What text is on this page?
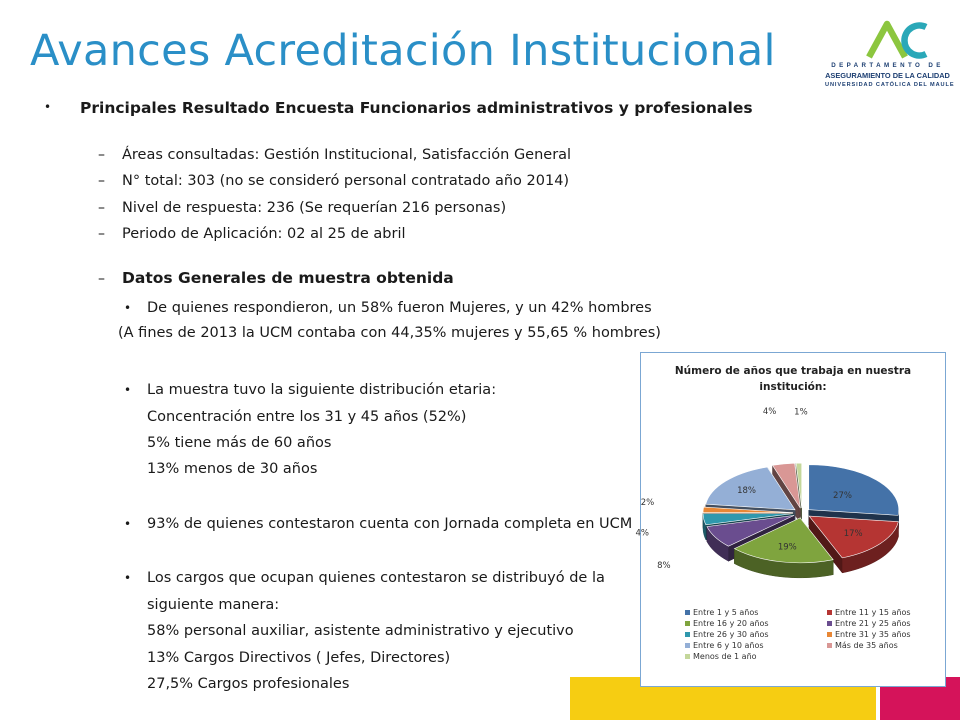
Avances Acreditación Institucional	DEPARTAMENTO DE
ASEGURAMIENTO DE LA CALIDAD
UNIVERSIDAD CATÓLICA DEL MAULE
• Principales Resultado Encuesta Funcionarios administrativos y profesionales
– Áreas consultadas: Gestión Institucional, Satisfacción General
– N° total: 303 (no se consideró personal contratado año 2014)
– Nivel de respuesta: 236 (Se requerían 216 personas)
– Periodo de Aplicación: 02 al 25 de abril
– Datos Generales de muestra obtenida
• De quienes respondieron, un 58% fueron Mujeres, y un 42% hombres
(A fines de 2013 la UCM contaba con 44,35% mujeres y 55,65 % hombres)
• La muestra tuvo la siguiente distribución etaria:
Concentración entre los 31 y 45 años (52%)
5% tiene más de 60 años
13% menos de 30 años
• 93% de quienes contestaron cuenta con Jornada completa en UCM
• Los cargos que ocupan quienes contestaron se distribuyó de la
siguiente manera:
58% personal auxiliar, asistente administrativo y ejecutivo
13% Cargos Directivos ( Jefes, Directores)
27,5% Cargos profesionales
Número de años que trabaja en nuestra
institución:
27%
17%
19%
8%
4%
2%
18%
4% 1%
Entre 1 y 5 años	Entre 11 y 15 años
Entre 16 y 20 años	Entre 21 y 25 años
Entre 26 y 30 años	Entre 31 y 35 años
Entre 6 y 10 años	Más de 35 años
Menos de 1 año
